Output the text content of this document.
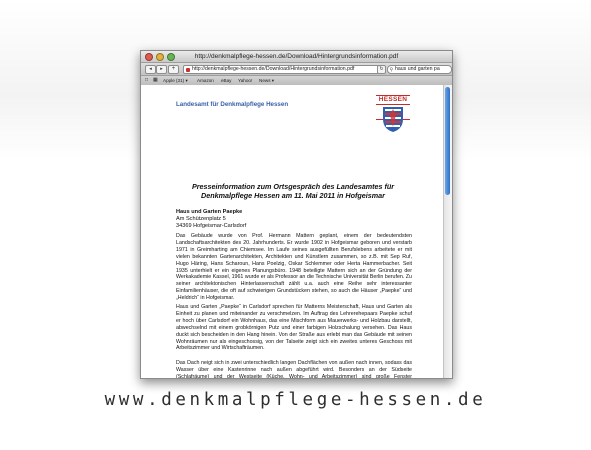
http://denkmalpflege-hessen.de/Download/Hintergrundsinformation.pdf
◂	▸	+	http://denkmalpflege-hessen.de/Download/Hintergrundsinformation.pdf	↻	⚲ haus und garten pa
□ ▦ Apple (31) ▾ Amazon eBay Yahoo! News ▾
Landesamt für Denkmalpflege Hessen
HESSEN
Presseinformation zum Ortsgespräch des Landesamtes für
Denkmalpflege Hessen am 11. Mai 2011 in Hofgeismar
Haus und Garten Paepke
Am Schützenplatz 5
34369 Hofgeismar-Carlsdorf
Das Gebäude wurde von Prof. Hermann Mattern geplant, einem der bedeutendsten Landschaftsarchitekten des 20. Jahrhunderts. Er wurde 1902 in Hofgeismar geboren und verstarb 1971 in Greimharting am Chiemsee. Im Laufe seines ausgefüllten Berufslebens arbeitete er mit vielen bekannten Gartenarchitekten, Architekten und Künstlern zusammen, so z.B. mit Sep Ruf, Hugo Häring, Hans Scharoun, Hans Poelzig, Oskar Schlemmer oder Herta Hammerbacher. Seit 1935 unterhielt er ein eigenes Planungsbüro. 1948 beteiligte Mattern sich an der Gründung der Werkakademie Kassel, 1961 wurde er als Professor an die Technische Universität Berlin berufen. Zu seiner architektonischen Hinterlassenschaft zählt u.a. auch eine Reihe sehr interessanter Einfamilienhäuser, die oft auf schwierigen Grundstücken stehen, so auch die Häuser „Paepke“ und „Heldrich“ in Hofgeismar.
Haus und Garten „Paepke“ in Carlsdorf sprechen für Matterns Meisterschaft, Haus und Garten als Einheit zu planen und miteinander zu verschmelzen. Im Auftrag des Lehrerehepaars Paepke schuf er hoch über Carlsdorf ein Wohnhaus, das eine Mischform aus Mauerwerks- und Holzbau darstellt, abwechselnd mit einem grobkörnigen Putz und einer farbigen Holzschalung versehen. Das Haus duckt sich bescheiden in den Hang hinein. Von der Straße aus erlebt man das Gebäude mit seinen Wohnräumen nur als eingeschossig, von der Talseite zeigt sich ein zweites unteres Geschoss mit Arbeitszimmer und Wirtschafträumen.
Das Dach neigt sich in zwei unterschiedlich langen Dachflächen von außen nach innen, sodass das Wasser über eine Kastenrinne nach außen abgeführt wird. Besonders an der Südseite (Schlafräume) und der Westseite (Küche, Wohn- und Arbeitszimmer) sind große Fenster
www.denkmalpflege-hessen.de
